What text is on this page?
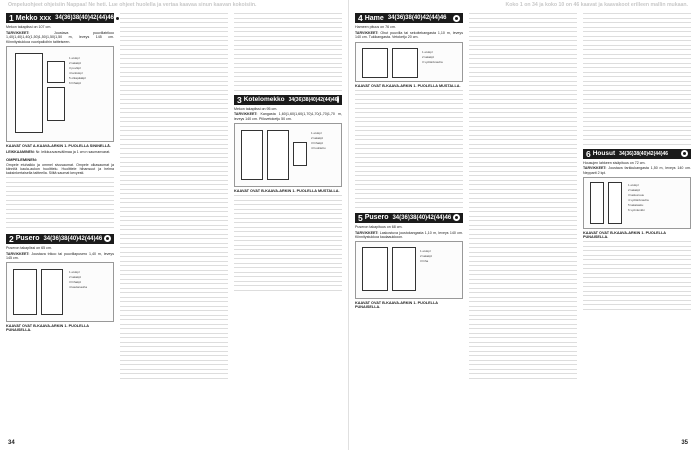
Ompeluohjeet ohjeisiin Nappaa! Ne heti. Lue ohjeet huolella ja vertaa kaavaa sinun kaavan kokoisiin.
1 Mekko xxx 34(36)38(40)42(44)46
Mekon takaplissi on 107 cm.
TARVIKKEET:	Joustava puuvillatrikoo 1,40(1,40)1,40(1,50)1,50(1,50)1,50 m, leveys 145 cm. Kiinnitystukkoa vuoripalloihin taitteiseen.
1 etukpl
2 takakpl
3 povikpl
4 lantiokpl
5 olkapääkpl
6 hihakpl
KAAVAT OVAT A-KAAVA-ARKIN 1. PUOLELLA SININELLÄ.
LEIKKAAMINEN: Nr. leikkuuvaravälimaa ja 1 cm:n saumanvarat.
OMPELEMINEN:
Ompele etuhalkio ja ommel sivusaumat. Ompele olkasaumat ja kiinnitä kaula-aukon huolittelu. Huolittele hihansuut ja helma kaksinkertaisella taitteella. Silitä saumat kevyesti.
2 Pusero 34(36)38(40)42(44)46
Puseron takaplissi on 65 cm.
TARVIKKEET: Joustava trikoo tai puuvillapusero 1,40 m, leveys 145 cm.
1 etukpl
2 takakpl
3 hihakpl
4 kaulanauha
KAAVAT OVAT B-KAAVA-ARKIN 1. PUOLELLA PUNAISELLA.
3 Kotelomekko 34(36)38(40)42(44)46
Mekon takaplissi on 95 cm.
TARVIKKEET: Kangasta 1,60(1,60)1,60(1,70)1,70(1,70)1,70 m, leveys 140 cm. Piilovetoketju 50 cm.
1 etukpl
2 takakpl
3 hihakpl
4 huoliteltu
KAAVAT OVAT B-KAAVA-ARKIN 1. PUOLELLA MUSTALLA.
34
Koko 1 on 34 ja koko 10 on 46 kaavat ja kaavakoot erilleen mallin mukaan.
4 Hame 34(36)38(40)42(44)46
Hameen pituus on 76 cm.
TARVIKKEET: Ohut puuvilla tai sekoitekangasta 1,10 m, leveys 140 cm. Tukikangasta. Vetoketju 20 cm.
1 etukpl
2 takakpl
3 vyötärönauha
KAAVAT OVAT B-KAAVA-ARKIN 1. PUOLELLA MUSTALLA.
5 Pusero 34(36)38(40)42(44)46
Puseron takapituus on 68 cm.
TARVIKKEET: Laskostuva joustokangasta 1,10 m, leveys 140 cm. Kiinnitystukkoa kaulaaukkoon.
1 etukpl
2 takakpl
3 hiha
KAAVAT OVAT B-KAAVA-ARKIN 1. PUOLELLA PUNAISELLA.
6 Housut 34(36)38(40)42(44)46
Housujen lahkeen sisäpituus on 72 cm.
TARVIKKEET: Joustava farkkukangasta 1,50 m, leveys 140 cm. Nepparit 2 kpl.
1 etukpl
2 takakpl
3 taskunsuu
4 vyötärönauha
5 takatasku
6 vyönlenkki
KAAVAT OVAT B-KAAVA-ARKIN 1. PUOLELLA PUNAISELLA.
35
